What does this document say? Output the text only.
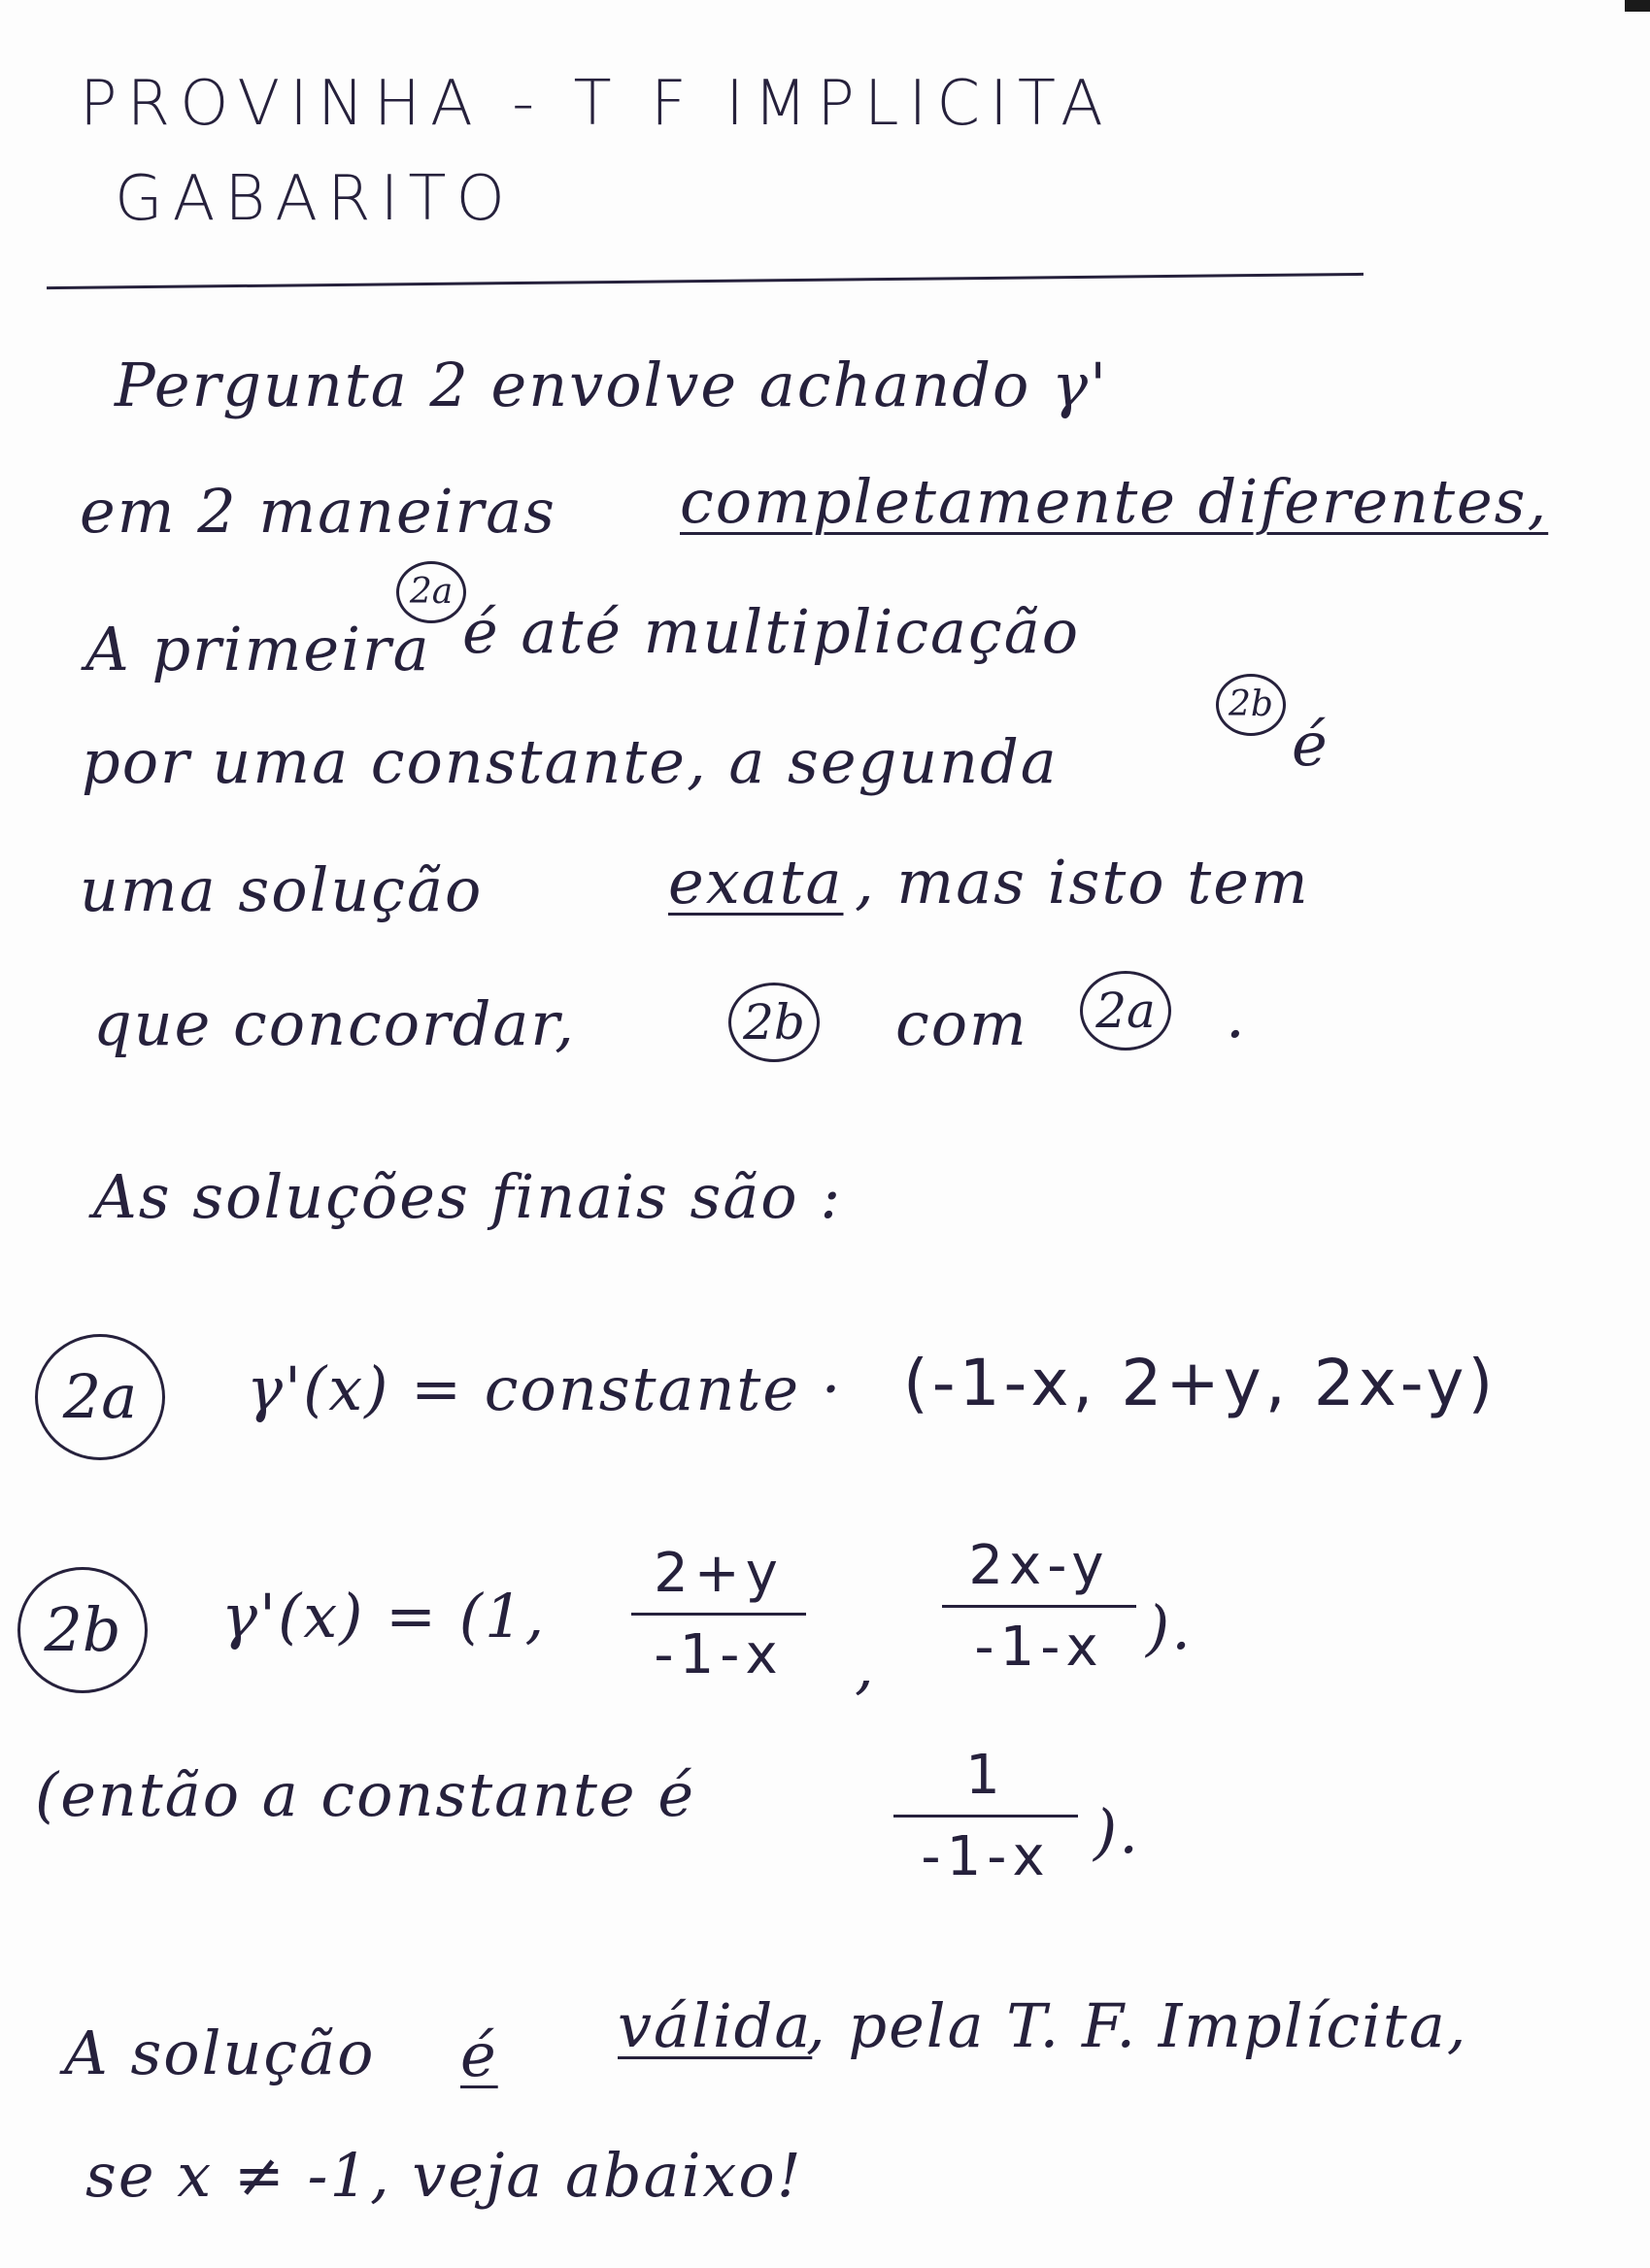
PROVINHA - T F IMPLICITA
GABARITO
Pergunta 2 envolve achando γ'
em 2 maneiras completamente diferentes,
A primeira
2a
é até multiplicação
por uma constante, a segunda
2b
é
uma solução	exata , mas isto tem
que concordar,	2b com	2a .
As soluções finais são :
2a	γ'(x) = constante · (-1-x, 2+y, 2x-y)
2b	γ'(x) = (1,
2+y
-1-x	,
2x-y
-1-x ).
(então a constante é	1
-1-x ).
A solução é válida
, pela T. F. Implícita,
se x ≠ -1, veja abaixo!
